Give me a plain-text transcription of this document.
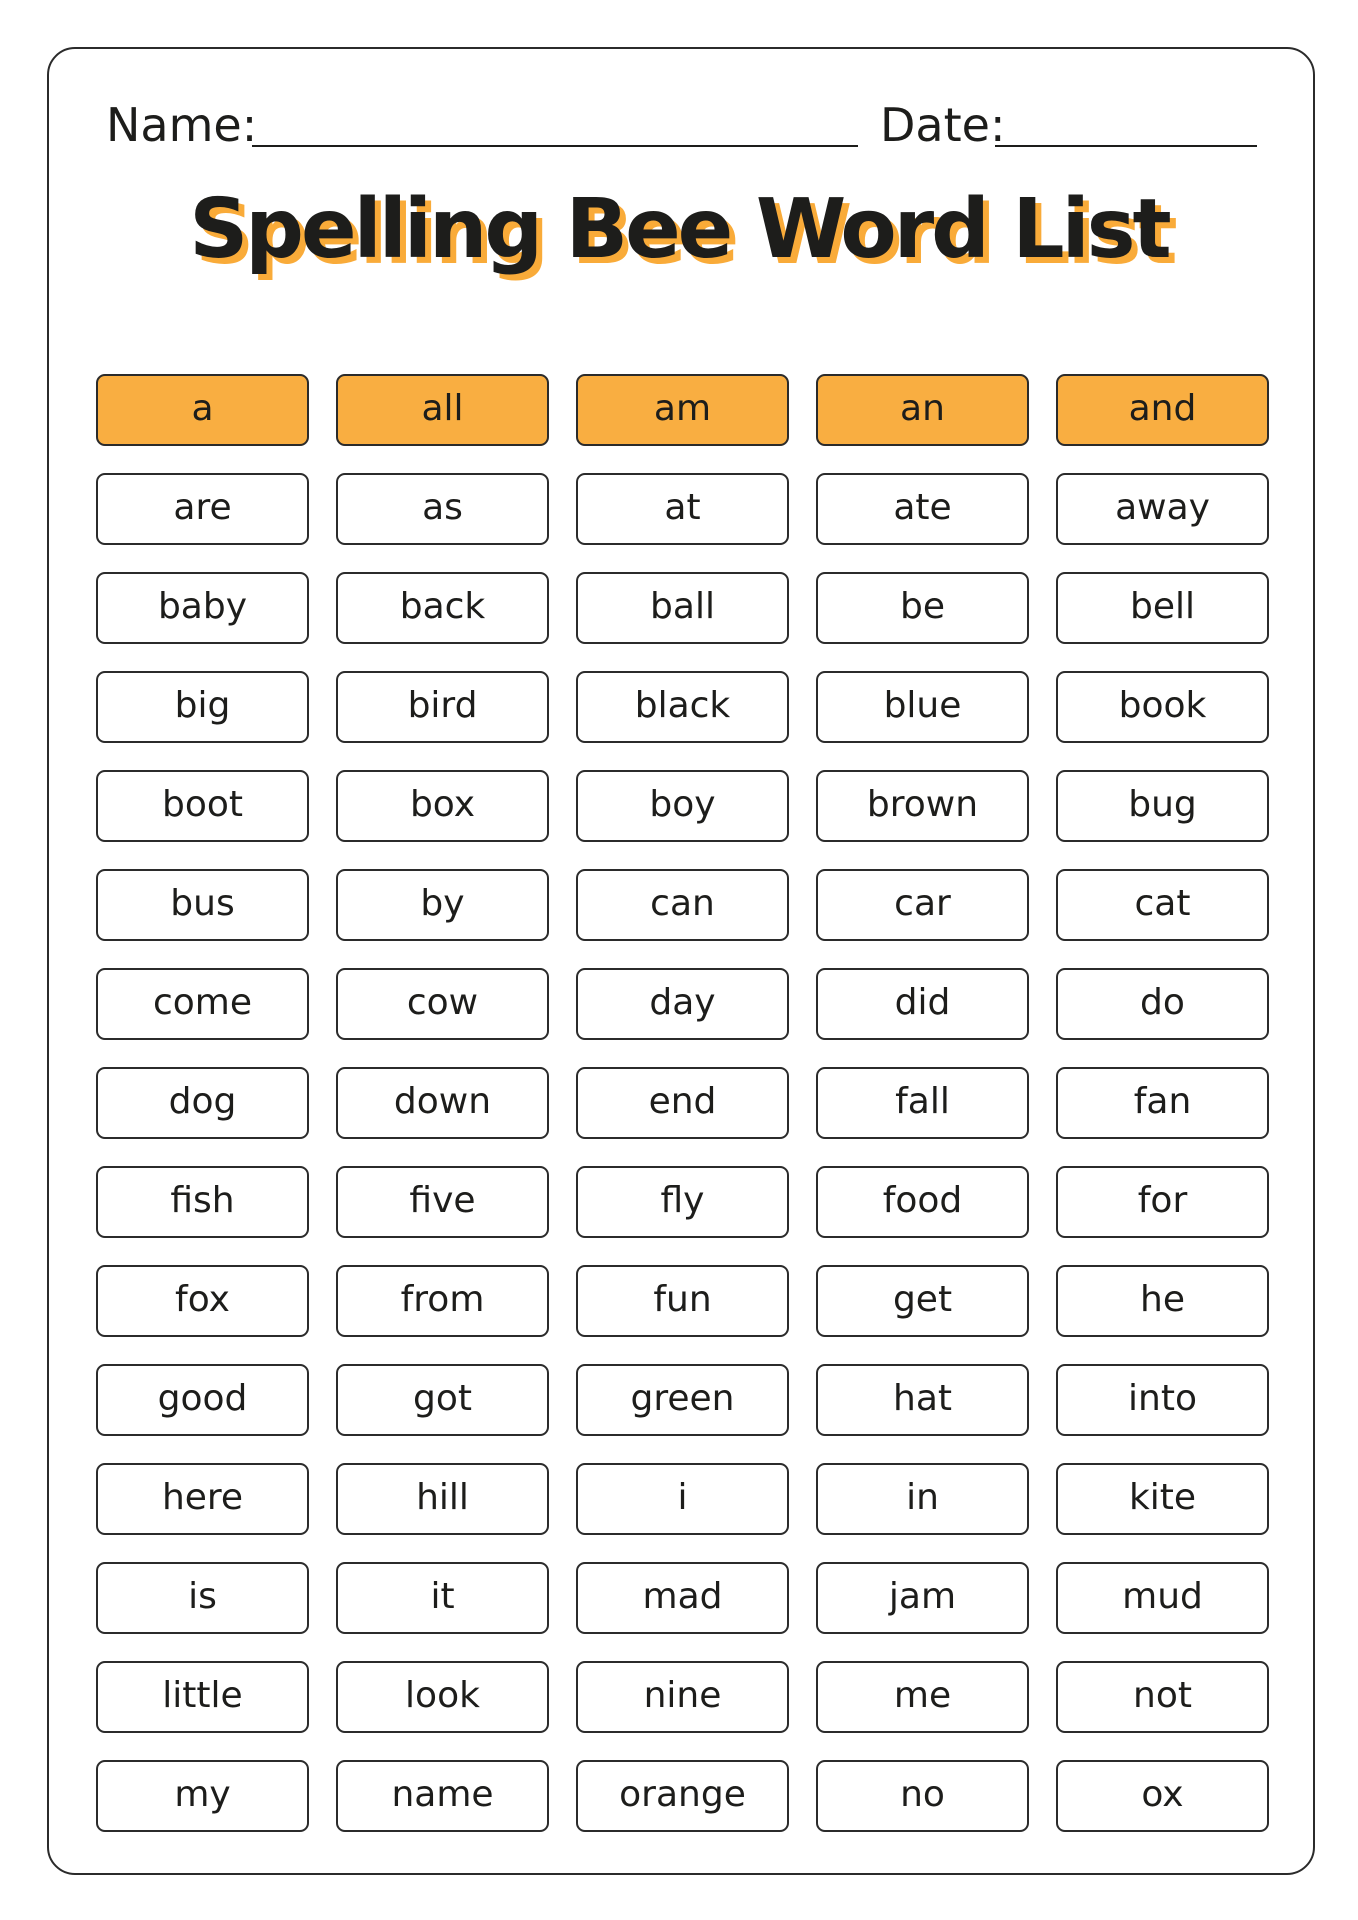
Name:	Date:
Spelling Bee Word List
a	all	am	an	and
are	as	at	ate	away
baby	back	ball	be	bell
big	bird	black	blue	book
boot	box	boy	brown	bug
bus	by	can	car	cat
come	cow	day	did	do
dog	down	end	fall	fan
fish	five	fly	food	for
fox	from	fun	get	he
good	got	green	hat	into
here	hill	i	in	kite
is	it	mad	jam	mud
little	look	nine	me	not
my	name	orange	no	ox
